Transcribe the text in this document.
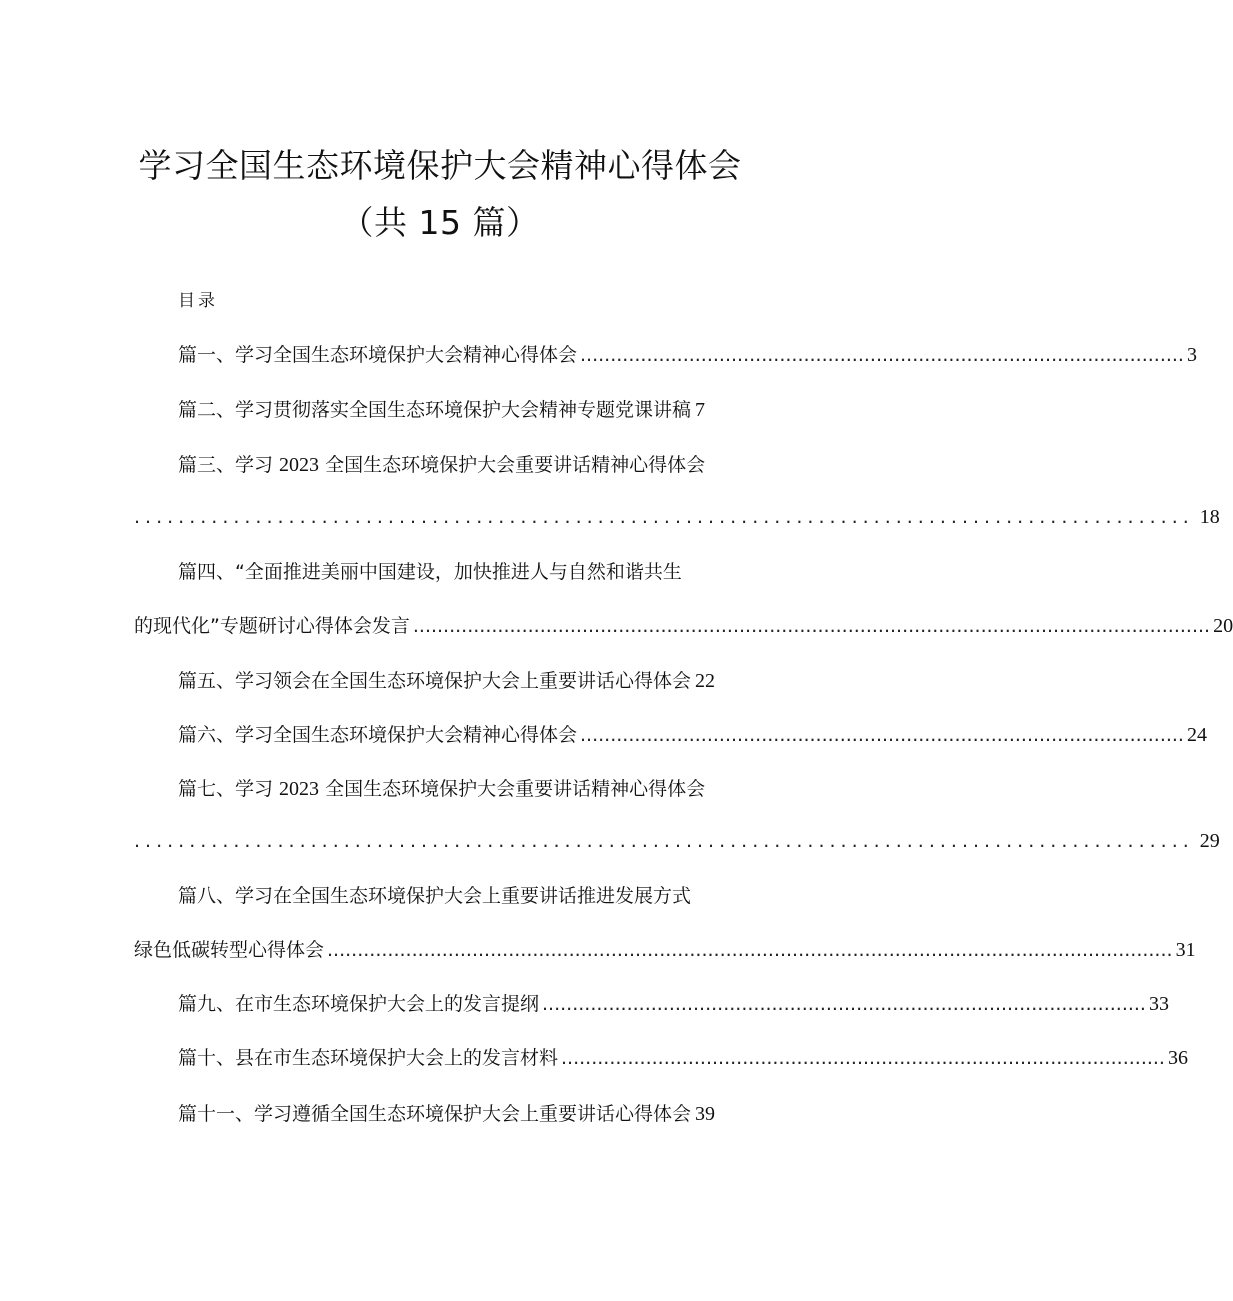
学习全国生态环境保护大会精神心得体会
（共 15 篇）
目录
篇一、学习全国生态环境保护大会精神心得体会 .................................................................................................... 3
篇二、学习贯彻落实全国生态环境保护大会精神专题党课讲稿 7
篇三、学习 2023 全国生态环境保护大会重要讲话精神心得体会
................................................................................................ 18
篇四、“全面推进美丽中国建设，加快推进人与自然和谐共生
的现代化”专题研讨心得体会发言 .................................................................................................................................... 20
篇五、学习领会在全国生态环境保护大会上重要讲话心得体会 22
篇六、学习全国生态环境保护大会精神心得体会 .................................................................................................... 24
篇七、学习 2023 全国生态环境保护大会重要讲话精神心得体会
................................................................................................ 29
篇八、学习在全国生态环境保护大会上重要讲话推进发展方式
绿色低碳转型心得体会 ............................................................................................................................................ 31
篇九、在市生态环境保护大会上的发言提纲 .................................................................................................... 33
篇十、县在市生态环境保护大会上的发言材料 .................................................................................................... 36
篇十一、学习遵循全国生态环境保护大会上重要讲话心得体会 39
